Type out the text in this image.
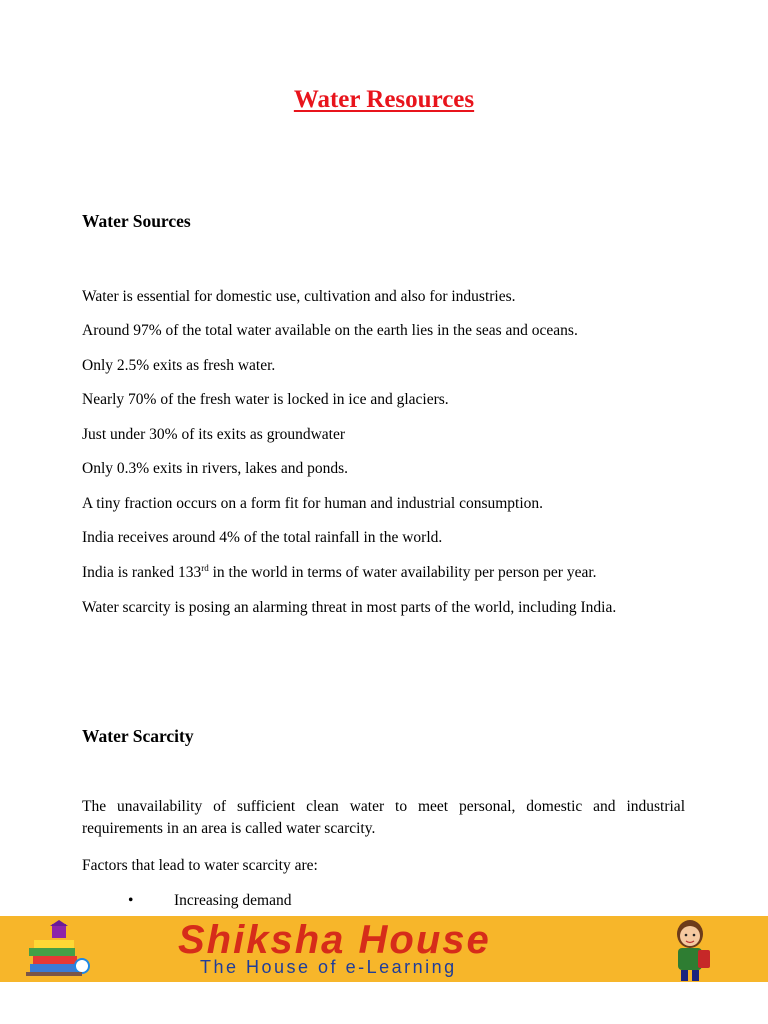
Water Resources
Water Sources
Water is essential for domestic use, cultivation and also for industries.
Around 97% of the total water available on the earth lies in the seas and oceans.
Only 2.5% exits as fresh water.
Nearly 70% of the fresh water is locked in ice and glaciers.
Just under 30% of its exits as groundwater
Only 0.3% exits in rivers, lakes and ponds.
A tiny fraction occurs on a form fit for human and industrial consumption.
India receives around 4% of the total rainfall in the world.
India is ranked 133rd in the world in terms of water availability per person per year.
Water scarcity is posing an alarming threat in most parts of the world, including India.
Water Scarcity
The unavailability of sufficient clean water to meet personal, domestic and industrial requirements in an area is called water scarcity.
Factors that lead to water scarcity are:
•	Increasing demand
Shiksha House
The House of e-Learning
